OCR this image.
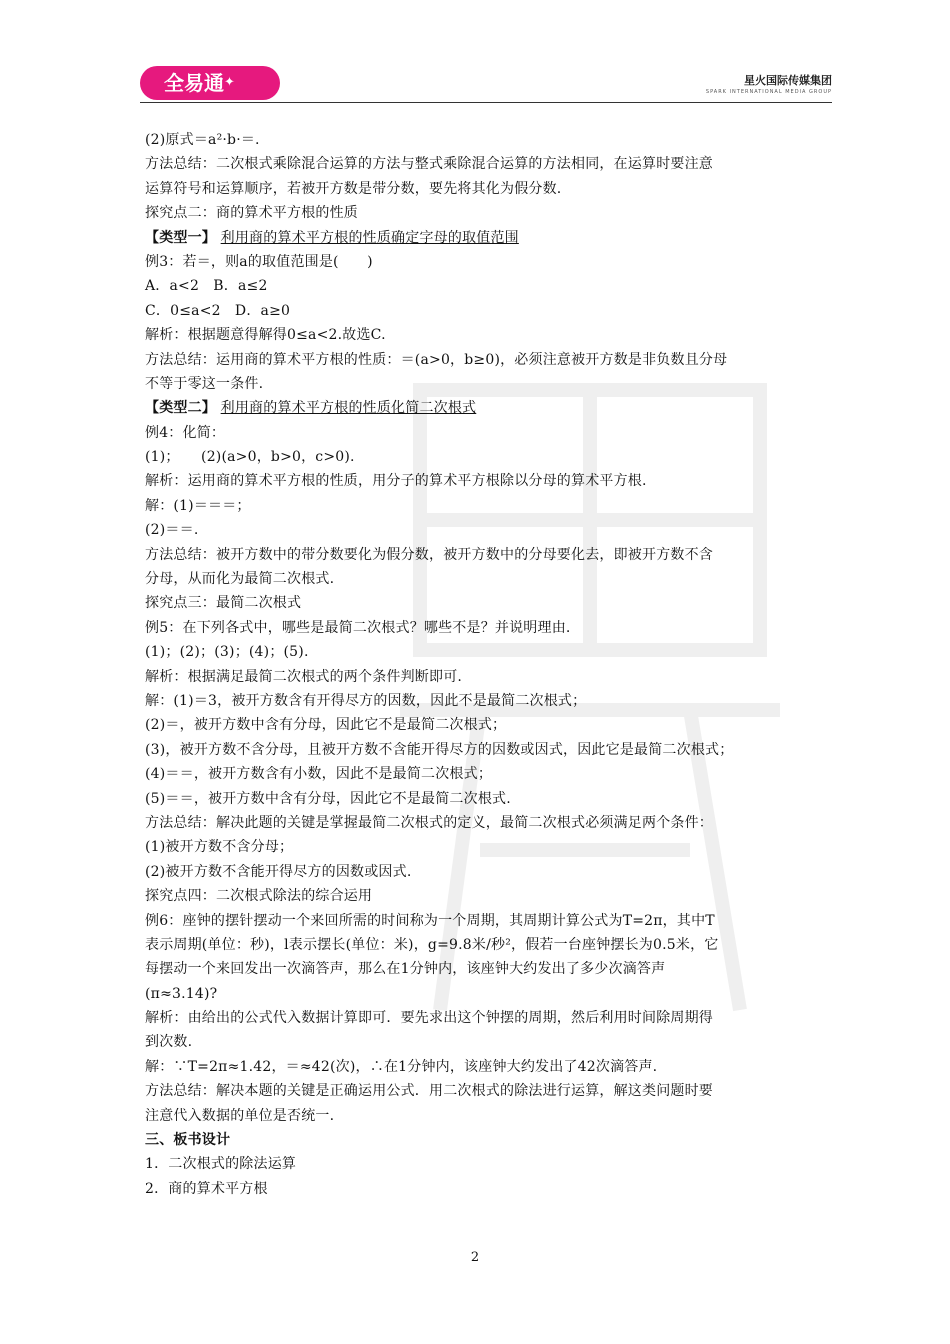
全易通✦	星火国际传媒集团
SPARK INTERNATIONAL MEDIA GROUP
(2)原式＝a²·b·＝.
方法总结：二次根式乘除混合运算的方法与整式乘除混合运算的方法相同，在运算时要注意
运算符号和运算顺序，若被开方数是带分数，要先将其化为假分数.
探究点二：商的算术平方根的性质
【类型一】 利用商的算术平方根的性质确定字母的取值范围
例3：若＝，则a的取值范围是(　　)
A．a<2　B．a≤2
C．0≤a<2　D．a≥0
解析：根据题意得解得0≤a<2.故选C.
方法总结：运用商的算术平方根的性质：＝(a>0，b≥0)，必须注意被开方数是非负数且分母
不等于零这一条件.
【类型二】 利用商的算术平方根的性质化简二次根式
例4：化简：
(1)；　　(2)(a>0，b>0，c>0).
解析：运用商的算术平方根的性质，用分子的算术平方根除以分母的算术平方根.
解：(1)＝＝＝；
(2)＝＝.
方法总结：被开方数中的带分数要化为假分数，被开方数中的分母要化去，即被开方数不含
分母，从而化为最简二次根式.
探究点三：最简二次根式
例5：在下列各式中，哪些是最简二次根式？哪些不是？并说明理由.
(1)；(2)；(3)；(4)；(5).
解析：根据满足最简二次根式的两个条件判断即可.
解：(1)＝3，被开方数含有开得尽方的因数，因此不是最简二次根式；
(2)＝，被开方数中含有分母，因此它不是最简二次根式；
(3)，被开方数不含分母，且被开方数不含能开得尽方的因数或因式，因此它是最简二次根式；
(4)＝＝，被开方数含有小数，因此不是最简二次根式；
(5)＝＝，被开方数中含有分母，因此它不是最简二次根式.
方法总结：解决此题的关键是掌握最简二次根式的定义，最简二次根式必须满足两个条件：
(1)被开方数不含分母；
(2)被开方数不含能开得尽方的因数或因式.
探究点四：二次根式除法的综合运用
例6：座钟的摆针摆动一个来回所需的时间称为一个周期，其周期计算公式为T=2π，其中T
表示周期(单位：秒)，l表示摆长(单位：米)，g=9.8米/秒²，假若一台座钟摆长为0.5米，它
每摆动一个来回发出一次滴答声，那么在1分钟内，该座钟大约发出了多少次滴答声
(π≈3.14)?
解析：由给出的公式代入数据计算即可．要先求出这个钟摆的周期，然后利用时间除周期得
到次数.
解：∵T=2π≈1.42，＝≈42(次)，∴在1分钟内，该座钟大约发出了42次滴答声.
方法总结：解决本题的关键是正确运用公式．用二次根式的除法进行运算，解这类问题时要
注意代入数据的单位是否统一.
三、板书设计
1．二次根式的除法运算
2．商的算术平方根
2
